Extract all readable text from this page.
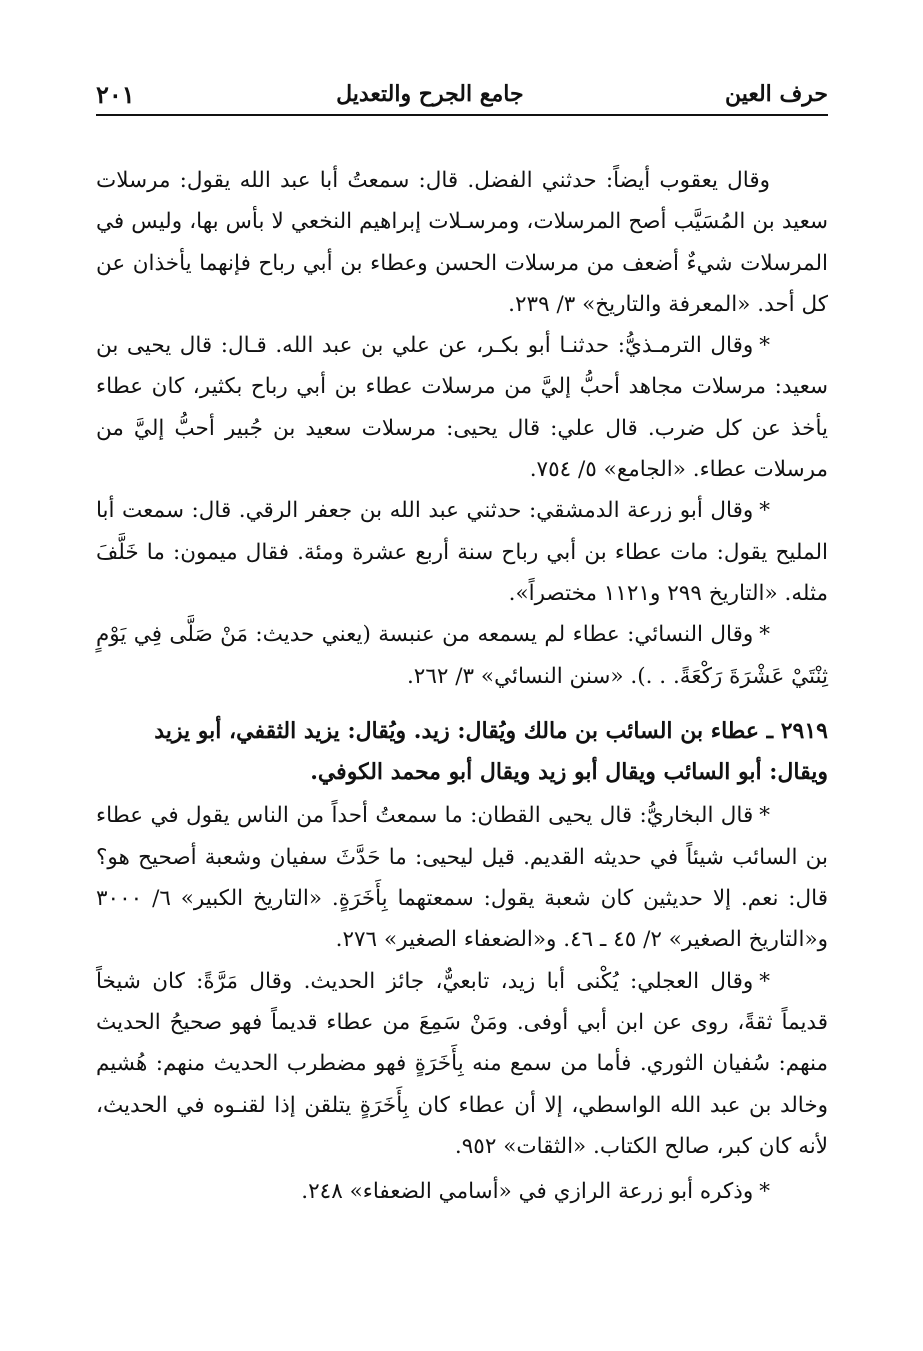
حرف العين
جامع الجرح والتعديل
٢٠١

وقال يعقوب أيضاً: حدثني الفضل. قال: سمعتُ أبا عبد الله يقول: مرسلات سعيد بن المُسَيَّب أصح المرسلات، ومرسـلات إبراهيم النخعي لا بأس بها، وليس في المرسلات شيءٌ أضعف من مرسلات الحسن وعطاء بن أبي رباح فإنهما يأخذان عن كل أحد. «المعرفة والتاريخ» ٣/ ٢٣٩.

*وقال الترمـذيُّ: حدثنـا أبو بكـر، عن علي بن عبد الله. قـال: قال يحيى بن سعيد: مرسلات مجاهد أحبُّ إليَّ من مرسلات عطاء بن أبي رباح بكثير، كان عطاء يأخذ عن كل ضرب. قال علي: قال يحيى: مرسلات سعيد بن جُبير أحبُّ إليَّ من مرسلات عطاء. «الجامع» ٥/ ٧٥٤.

*وقال أبو زرعة الدمشقي: حدثني عبد الله بن جعفر الرقي. قال: سمعت أبا المليح يقول: مات عطاء بن أبي رباح سنة أربع عشرة ومئة. فقال ميمون: ما خَلَّفَ مثله. «التاريخ ٢٩٩ و١١٢١ مختصراً».

*وقال النسائي: عطاء لم يسمعه من عنبسة (يعني حديث: مَنْ صَلَّى فِي يَوْمٍ ثِنْتَيْ عَشْرَةَ رَكْعَةً. . .). «سنن النسائي» ٣/ ٢٦٢.

٢٩١٩ ـ عطاء بن السائب بن مالك ويُقال: زيد. ويُقال: يزيد الثقفي، أبو يزيد

ويقال: أبو السائب ويقال أبو زيد ويقال أبو محمد الكوفي.

*قال البخاريُّ: قال يحيى القطان: ما سمعتُ أحداً من الناس يقول في عطاء بن السائب شيئاً في حديثه القديم. قيل ليحيى: ما حَدَّثَ سفيان وشعبة أصحيح هو؟ قال: نعم. إلا حديثين كان شعبة يقول: سمعتهما بِأَخَرَةٍ. «التاريخ الكبير» ٦/ ٣٠٠٠ و«التاريخ الصغير» ٢/ ٤٥ ـ ٤٦. و«الضعفاء الصغير» ٢٧٦.

*وقال العجلي: يُكْنى أبا زيد، تابعيٌّ، جائز الحديث. وقال مَرَّةً: كان شيخاً قديماً ثقةً، روى عن ابن أبي أوفى. ومَنْ سَمِعَ من عطاء قديماً فهو صحيحُ الحديث منهم: سُفيان الثوري. فأما من سمع منه بِأَخَرَةٍ فهو مضطرب الحديث منهم: هُشيم وخالد بن عبد الله الواسطي، إلا أن عطاء كان بِأَخَرَةٍ يتلقن إذا لقنـوه في الحديث، لأنه كان كبر، صالح الكتاب. «الثقات» ٩٥٢.

*وذكره أبو زرعة الرازي في «أسامي الضعفاء» ٢٤٨.
